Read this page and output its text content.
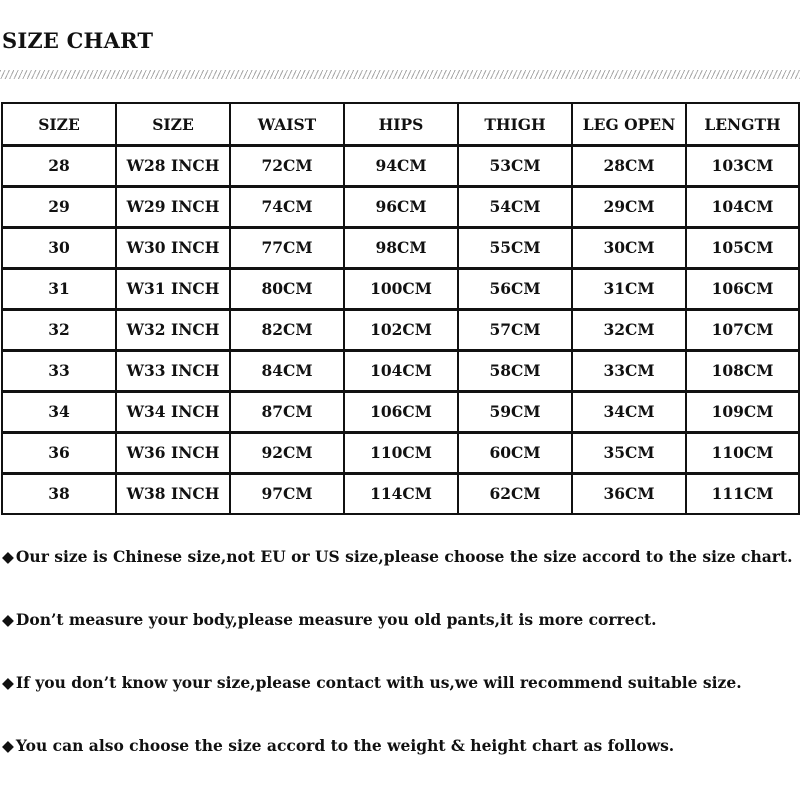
SIZE CHART
SIZE	SIZE	WAIST	HIPS	THIGH	LEG OPEN	LENGTH
28	W28 INCH	72CM	94CM	53CM	28CM	103CM
29	W29 INCH	74CM	96CM	54CM	29CM	104CM
30	W30 INCH	77CM	98CM	55CM	30CM	105CM
31	W31 INCH	80CM	100CM	56CM	31CM	106CM
32	W32 INCH	82CM	102CM	57CM	32CM	107CM
33	W33 INCH	84CM	104CM	58CM	33CM	108CM
34	W34 INCH	87CM	106CM	59CM	34CM	109CM
36	W36 INCH	92CM	110CM	60CM	35CM	110CM
38	W38 INCH	97CM	114CM	62CM	36CM	111CM
◆ Our size is Chinese size,not EU or US size,please choose the size accord to the size chart.
◆ Don’t measure your body,please measure you old pants,it is more correct.
◆ If you don’t know your size,please contact with us,we will recommend suitable size.
◆ You can also choose the size accord to the weight & height chart as follows.
